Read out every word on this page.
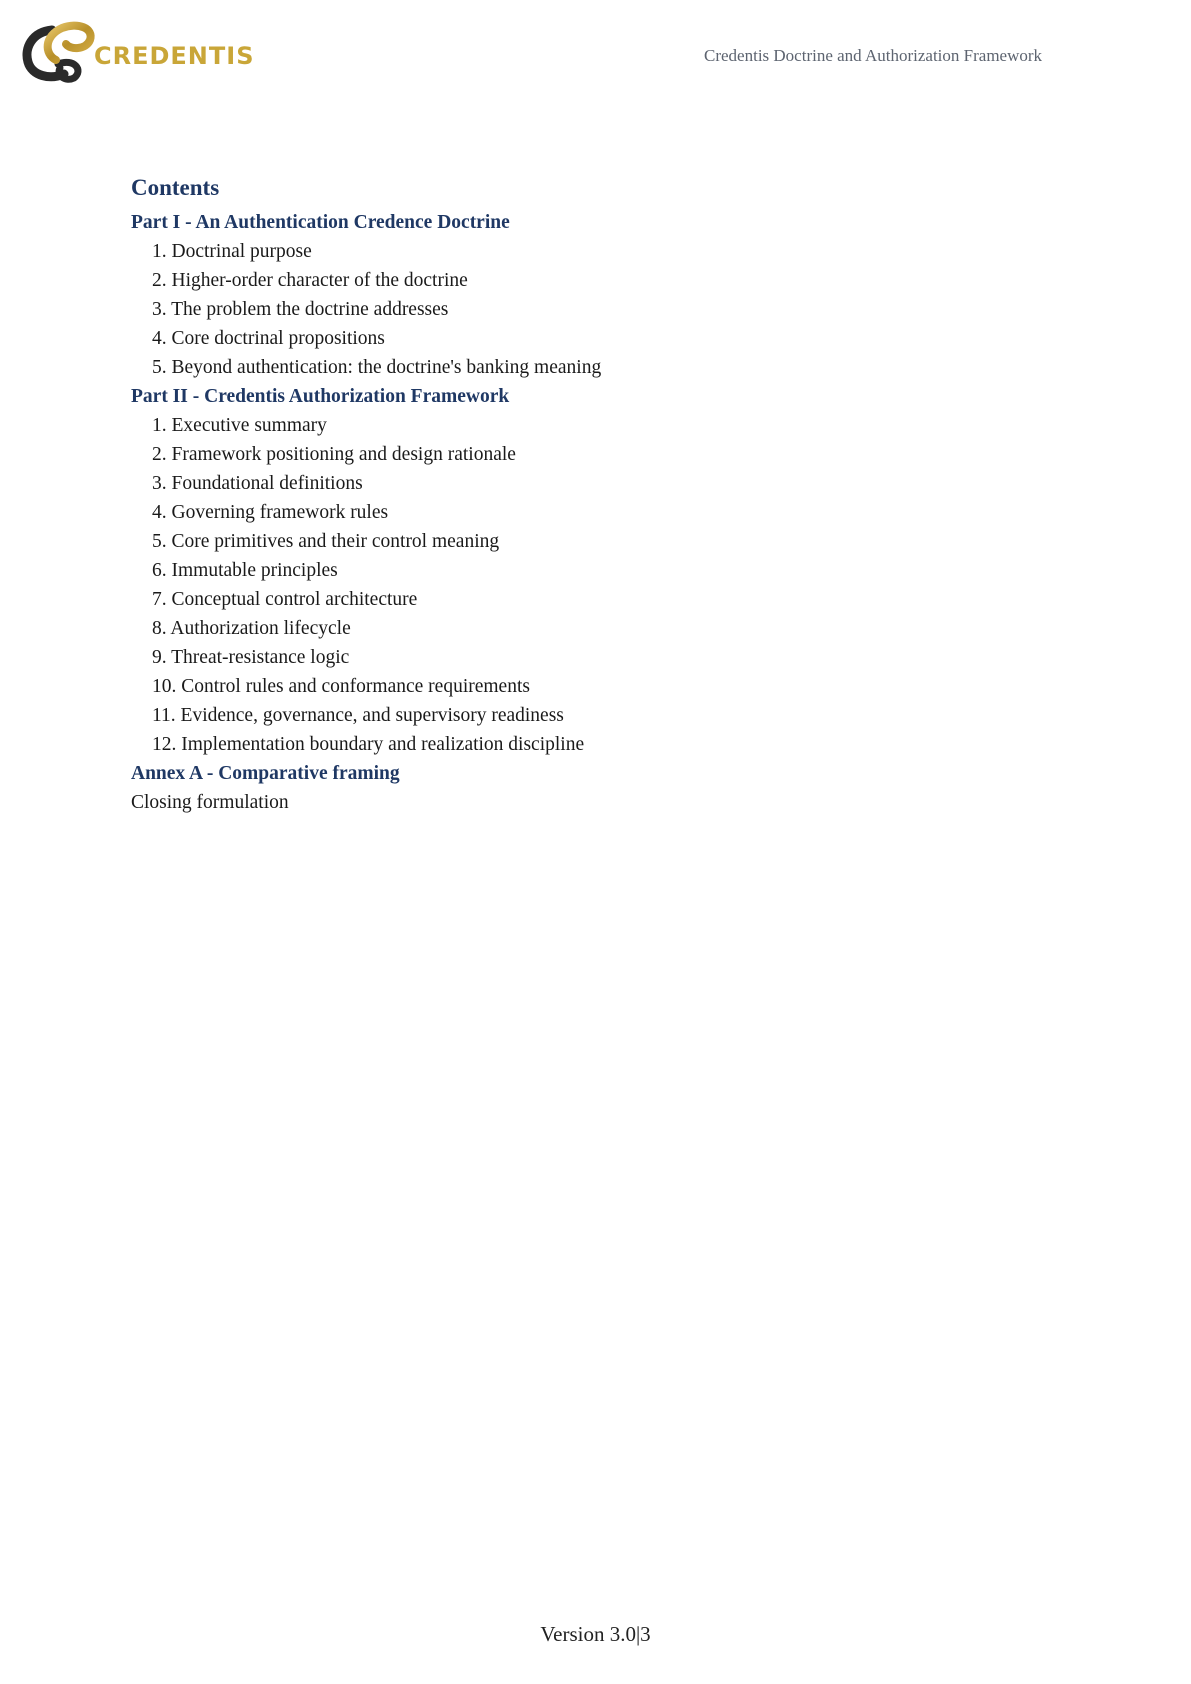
CREDENTIS	Credentis Doctrine and Authorization Framework
Contents
Part I - An Authentication Credence Doctrine
1. Doctrinal purpose
2. Higher-order character of the doctrine
3. The problem the doctrine addresses
4. Core doctrinal propositions
5. Beyond authentication: the doctrine's banking meaning
Part II - Credentis Authorization Framework
1. Executive summary
2. Framework positioning and design rationale
3. Foundational definitions
4. Governing framework rules
5. Core primitives and their control meaning
6. Immutable principles
7. Conceptual control architecture
8. Authorization lifecycle
9. Threat-resistance logic
10. Control rules and conformance requirements
11. Evidence, governance, and supervisory readiness
12. Implementation boundary and realization discipline
Annex A - Comparative framing
Closing formulation
Version 3.0|3
